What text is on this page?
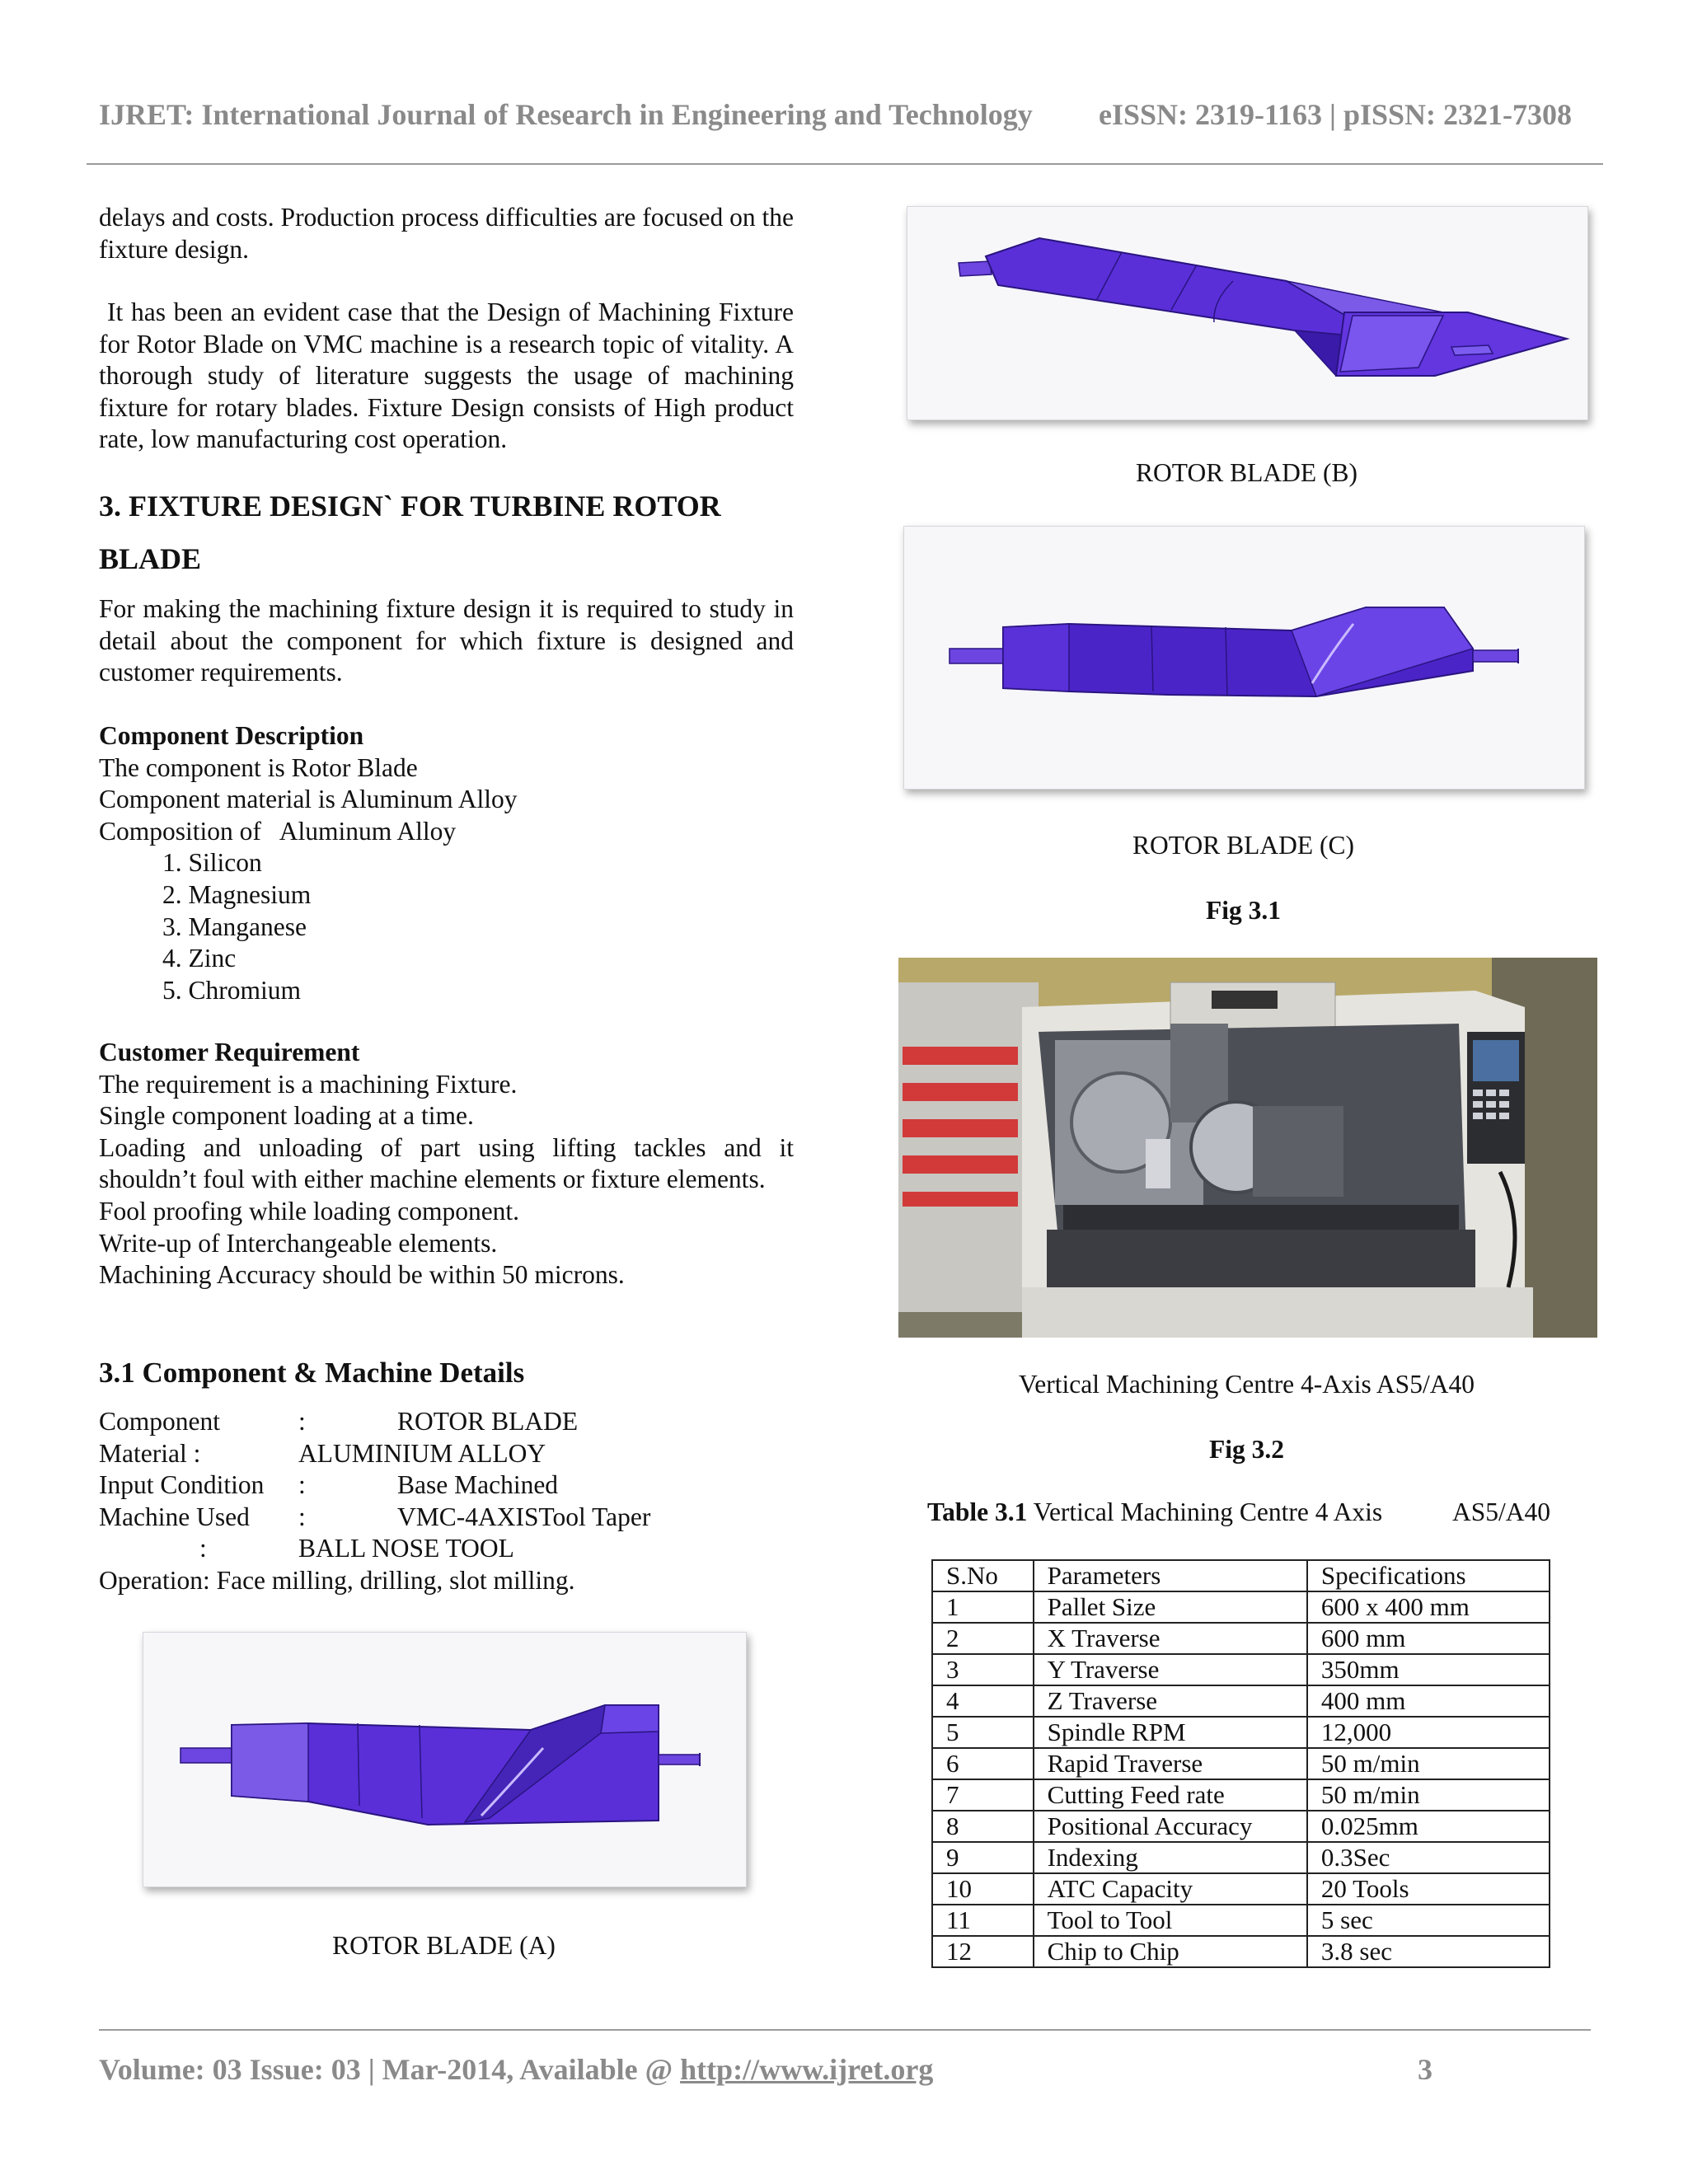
IJRET: International Journal of Research in Engineering and Technology eISSN: 2319-1163 | pISSN: 2321-7308

delays and costs. Production process difficulties are focused on the fixture design.

It has been an evident case that the Design of Machining Fixture for Rotor Blade on VMC machine is a research topic of vitality. A thorough study of literature suggests the usage of machining fixture for rotary blades. Fixture Design consists of High product rate, low manufacturing cost operation.

3. FIXTURE DESIGN` FOR TURBINE ROTOR
BLADE

For making the machining fixture design it is required to study in detail about the component for which fixture is designed and customer requirements.

Component Description
The component is Rotor Blade
Component material is Aluminum Alloy
Composition of   Aluminum Alloy
1. Silicon
2. Magnesium
3. Manganese
4. Zinc
5. Chromium
Customer Requirement
The requirement is a machining Fixture.
Single component loading at a time.
Loading and unloading of part using lifting tackles and it shouldn’t foul with either machine elements or fixture elements.
Fool proofing while loading component.
Write-up of Interchangeable elements.
Machining Accuracy should be within 50 microns.
3.1 Component & Machine Details
Component	:	ROTOR BLADE
Material :	ALUMINIUM ALLOY
Input Condition :	Base Machined
Machine Used :	VMC-4AXISTool Taper
:	BALL NOSE TOOL
Operation: Face milling, drilling, slot milling.
ROTOR BLADE (A)
ROTOR BLADE (B)
ROTOR BLADE (C)
Fig 3.1
Vertical Machining Centre 4-Axis AS5/A40
Fig 3.2
Table 3.1 Vertical Machining Centre 4 Axis	AS5/A40
S.No	Parameters	Specifications
1	Pallet Size	600 x 400 mm
2	X Traverse	600 mm
3	Y Traverse	350mm
4	Z Traverse	400 mm
5	Spindle RPM	12,000
6	Rapid Traverse	50 m/min
7	Cutting Feed rate	50 m/min
8	Positional Accuracy	0.025mm
9	Indexing	0.3Sec
10	ATC Capacity	20 Tools
11	Tool to Tool	5 sec
12	Chip to Chip	3.8 sec
Volume: 03 Issue: 03 | Mar-2014, Available @ http://www.ijret.org	3
